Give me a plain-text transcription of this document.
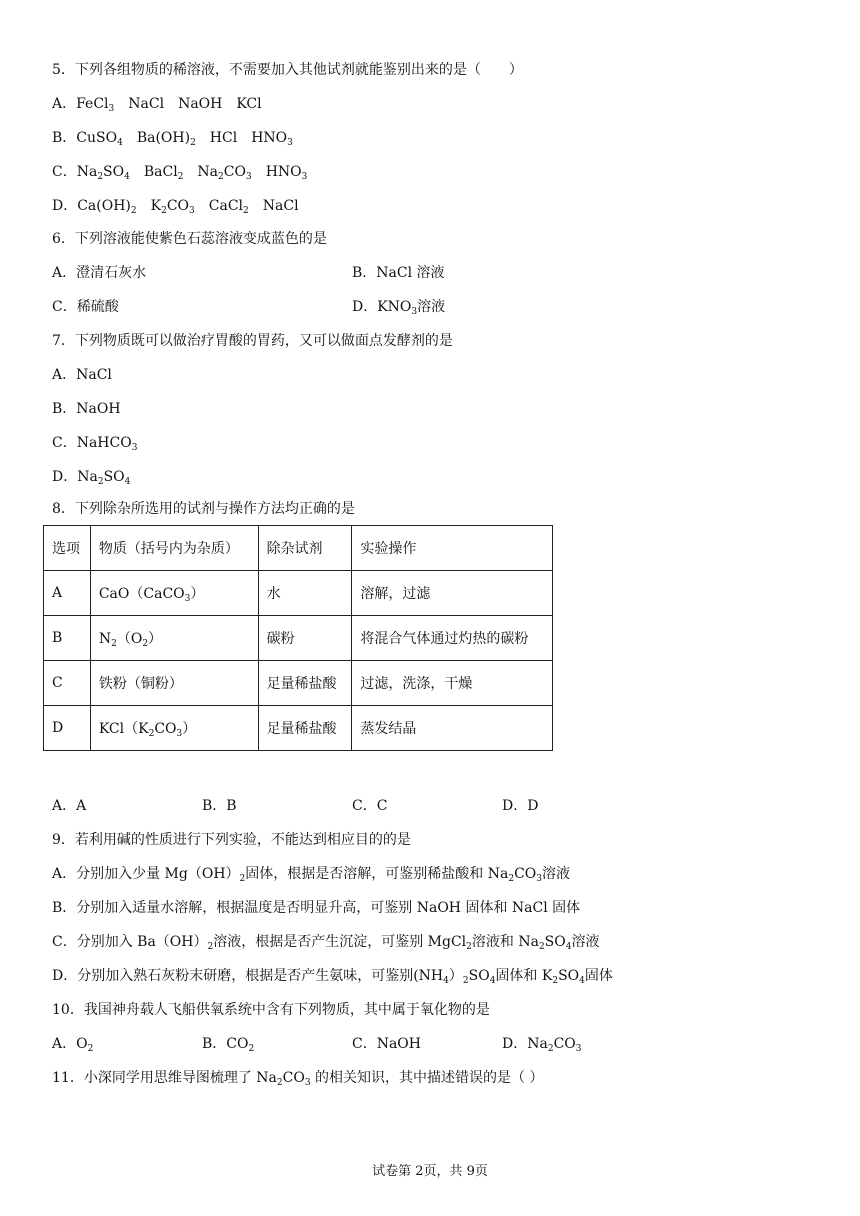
5．下列各组物质的稀溶液，不需要加入其他试剂就能鉴别出来的是（　　）
A．FeCl$_3$　NaCl　NaOH　KCl
B．CuSO$_4$　$Ba(OH)_2$　HCl　$HNO_3$
C．$Na_2SO_4$　BaCl$_2$　$Na_2CO_3$　$HNO_3$
D．$Ca(OH)_2$　$K_2CO_3$　CaCl$_2$　NaCl
6．下列溶液能使紫色石蕊溶液变成蓝色的是
A．澄清石灰水	B．NaCl 溶液
C．稀硫酸	D．$KNO_3$溶液
7．下列物质既可以做治疗胃酸的胃药，又可以做面点发酵剂的是
A．NaCl
B．NaOH
C．NaHCO$_3$
D．$Na_2SO_4$
8．下列除杂所选用的试剂与操作方法均正确的是
选项	物质（括号内为杂质）	除杂试剂	实验操作
A	CaO（CaCO$_3$）	水	溶解，过滤
B	$N_2(O_2)$	碳粉	将混合气体通过灼热的碳粉
C	铁粉（铜粉）	足量稀盐酸	过滤，洗涤，干燥
D	$KCl(K_2CO_3)$	足量稀盐酸	蒸发结晶
A．A	B．B	C．C	D．D
9．若利用碱的性质进行下列实验，不能达到相应目的的是
A．分别加入少量 $Mg(OH)_2$固体，根据是否溶解，可鉴别稀盐酸和 $Na_2CO_3$溶液
B．分别加入适量水溶解，根据温度是否明显升高，可鉴别 NaOH 固体和 NaCl 固体
C．分别加入 $Ba(OH)_2$溶液，根据是否产生沉淀，可鉴别 MgCl$_2$溶液和 $Na_2SO_4$溶液
D．分别加入熟石灰粉末研磨，根据是否产生氨味，可鉴别$(NH_4)_2SO_4$固体和 $K_2SO_4$固体
10．我国神舟载人飞船供氧系统中含有下列物质，其中属于氧化物的是
A．$O_2$	B．$CO_2$	C．NaOH	D．$Na_2CO_3$
11．小深同学用思维导图梳理了 $Na_2CO_3$ 的相关知识，其中描述错误的是（ ）
试卷第 2页，共 9页
